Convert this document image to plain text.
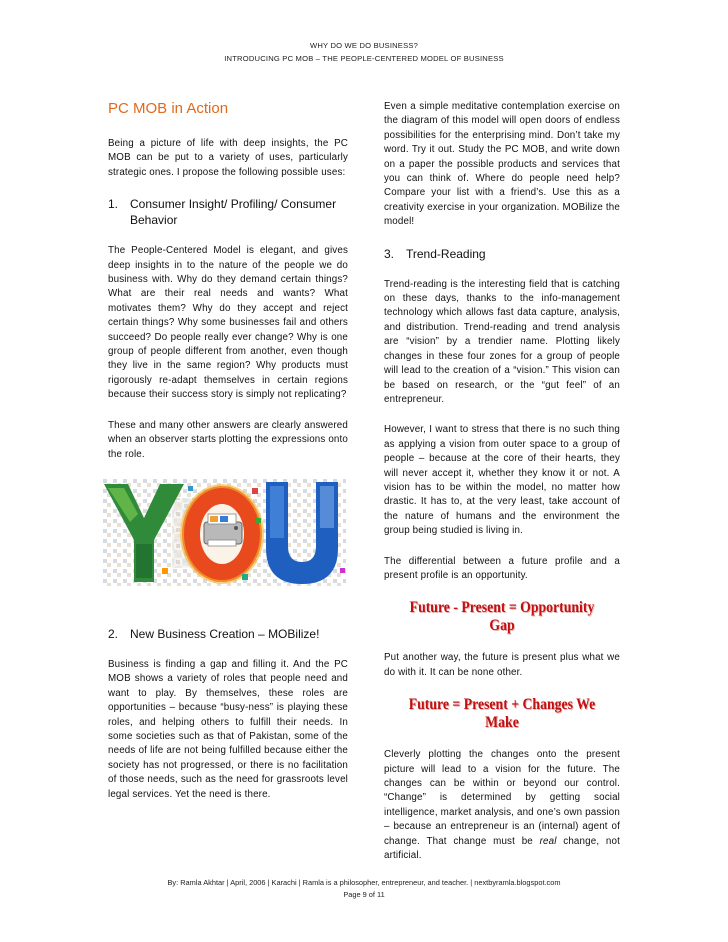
WHY DO WE DO BUSINESS?
INTRODUCING PC MOB – THE PEOPLE-CENTERED MODEL OF BUSINESS
PC MOB in Action

Being a picture of life with deep insights, the PC MOB can be put to a variety of uses, particularly strategic ones. I propose the following possible uses:

1. Consumer Insight/ Profiling/ Consumer Behavior

The People-Centered Model is elegant, and gives deep insights in to the nature of the people we do business with. Why do they demand certain things? What are their real needs and wants? What motivates them? Why do they accept and reject certain things? Why some businesses fail and others succeed? Do people really ever change? Why is one group of people different from another, even though they live in the same region? Why products must rigorously re-adapt themselves in certain regions because their success story is simply not replicating?

These and many other answers are clearly answered when an observer starts plotting the expressions onto the role.

2. New Business Creation – MOBilize!

Business is finding a gap and filling it. And the PC MOB shows a variety of roles that people need and want to play. By themselves, these roles are opportunities – because “busy-ness” is playing these roles, and helping others to fulfill their needs. In some societies such as that of Pakistan, some of the needs of life are not being fulfilled because either the society has not progressed, or there is no facilitation of those needs, such as the need for grassroots level legal services. Yet the need is there.

Even a simple meditative contemplation exercise on the diagram of this model will open doors of endless possibilities for the enterprising mind. Don’t take my word. Try it out. Study the PC MOB, and write down on a paper the possible products and services that you can think of. Where do people need help? Compare your list with a friend’s. Use this as a creativity exercise in your organization. MOBilize the model!

3. Trend-Reading

Trend-reading is the interesting field that is catching on these days, thanks to the info-management technology which allows fast data capture, analysis, and distribution. Trend-reading and trend analysis are “vision” by a trendier name. Plotting likely changes in these four zones for a group of people will lead to the creation of a “vision.” This vision can be based on research, or the “gut feel” of an entrepreneur.

However, I want to stress that there is no such thing as applying a vision from outer space to a group of people – because at the core of their hearts, they will never accept it, whether they know it or not. A vision has to be within the model, no matter how drastic. It has to, at the very least, take account of the nature of humans and the environment the group being studied is living in.

The differential between a future profile and a present profile is an opportunity.

Future - Present = Opportunity Gap

Put another way, the future is present plus what we do with it. It can be none other.

Future = Present + Changes We Make

Cleverly plotting the changes onto the present picture will lead to a vision for the future. The changes can be within or beyond our control. “Change” is determined by getting social intelligence, market analysis, and one’s own passion – because an entrepreneur is an (internal) agent of change. That change must be real change, not artificial.

By: Ramla Akhtar | April, 2006 | Karachi | Ramla is a philosopher, entrepreneur, and teacher. | nextbyramla.blogspot.com
Page 9 of 11
